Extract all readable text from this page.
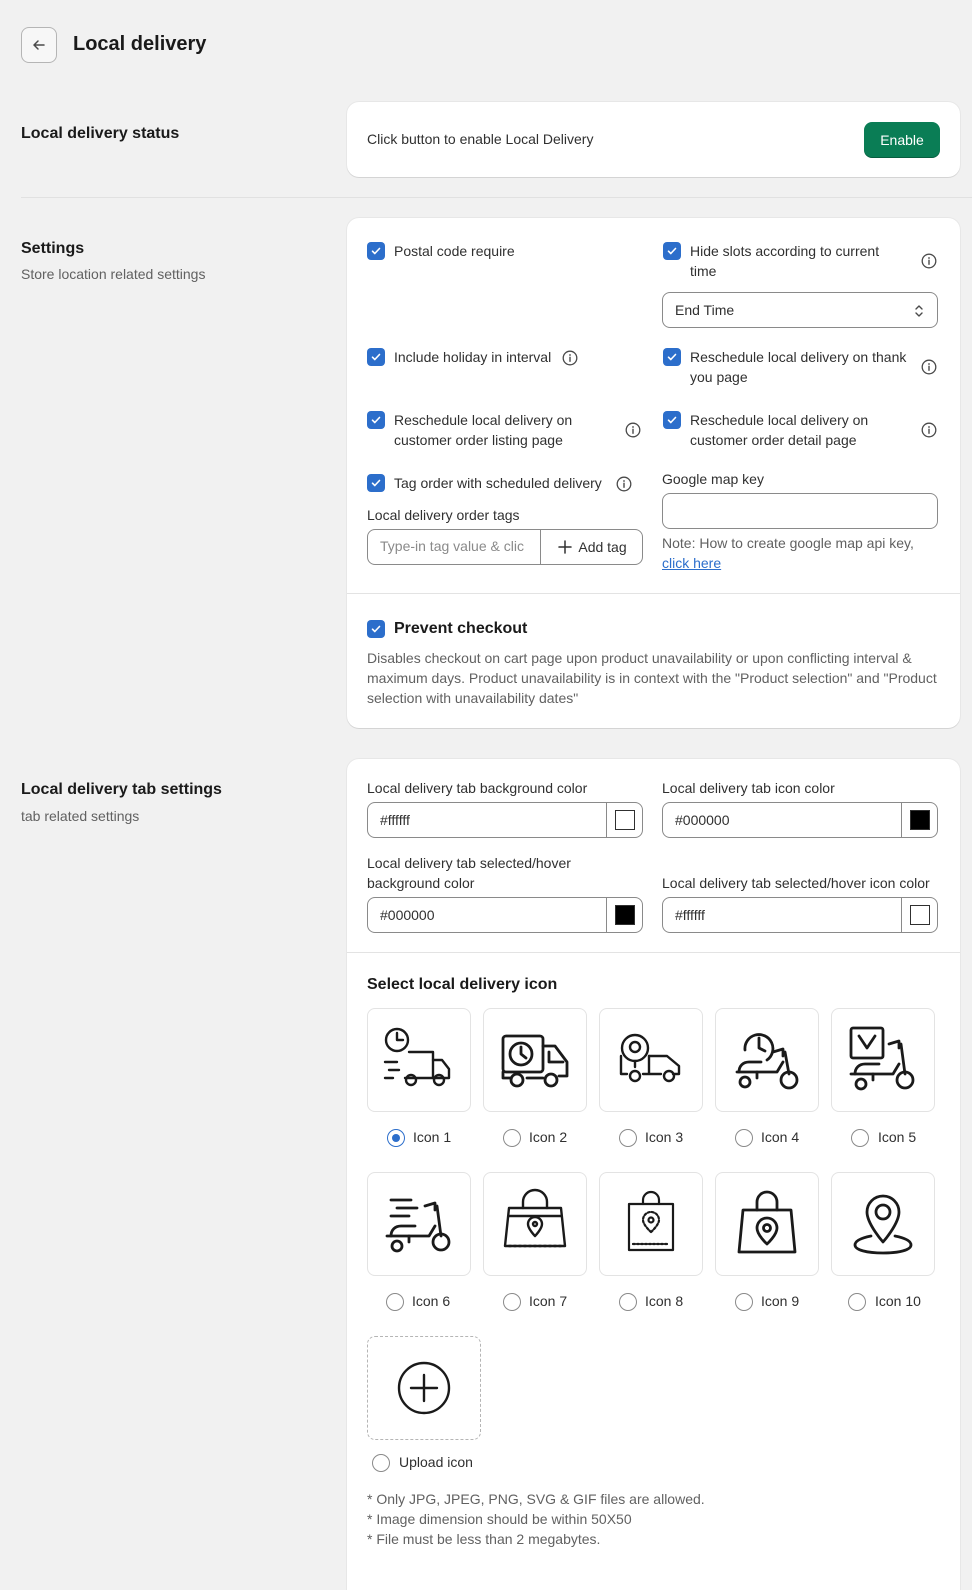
Local delivery
Local delivery status	Click button to enable Local Delivery	Enable
Settings
Store location related settings
Postal code require	Hide slots according to current time
End Time
Include holiday in interval	Reschedule local delivery on thank you page
Reschedule local delivery on customer order listing page
Reschedule local delivery on customer order detail page
Tag order with scheduled delivery	Google map key
Local delivery order tags
Type-in tag value & clic	Add tag	Note: How to create google map api key,
click here
Prevent checkout
Disables checkout on cart page upon product unavailability or upon conflicting interval & maximum days. Product unavailability is in context with the "Product selection" and "Product selection with unavailability dates"
Local delivery tab settings
tab related settings
Local delivery tab background color
#ffffff
Local delivery tab icon color
#000000
Local delivery tab selected/hover background color
#000000
Local delivery tab selected/hover icon color
#ffffff
Select local delivery icon
Icon 1	Icon 2	Icon 3	Icon 4	Icon 5
Icon 6	Icon 7	Icon 8	Icon 9	Icon 10
Upload icon
* Only JPG, JPEG, PNG, SVG & GIF files are allowed.
* Image dimension should be within 50X50
* File must be less than 2 megabytes.
